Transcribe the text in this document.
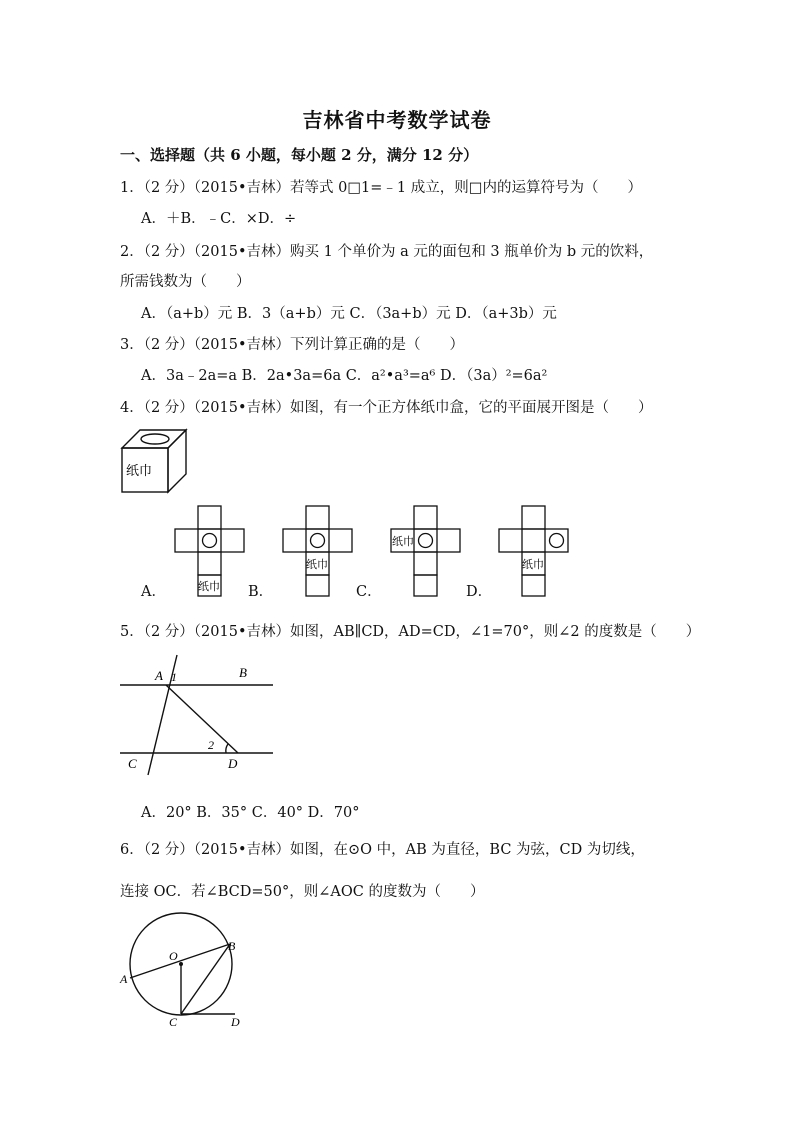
吉林省中考数学试卷
一、选择题（共 6 小题，每小题 2 分，满分 12 分）
1．（2 分）（2015•吉林）若等式 0□1=﹣1 成立，则□内的运算符号为（　　）
A．＋B．﹣C．×D．÷
2．（2 分）（2015•吉林）购买 1 个单价为 a 元的面包和 3 瓶单价为 b 元的饮料，
所需钱数为（　　）
A．（a+b）元 B．3（a+b）元 C．（3a+b）元 D．（a+3b）元
3．（2 分）（2015•吉林）下列计算正确的是（　　）
A．3a﹣2a=a B．2a•3a=6a C．a²•a³=a⁶ D．（3a）²=6a²
4．（2 分）（2015•吉林）如图，有一个正方体纸巾盒，它的平面展开图是（　　）
纸巾
纸巾
纸巾
纸巾
纸巾
A．	B．	C．	D．
5．（2 分）（2015•吉林）如图，AB∥CD，AD=CD，∠1=70°，则∠2 的度数是（　　）
A 1	B
2
C	D
A．20° B．35° C．40° D．70°
6．（2 分）（2015•吉林）如图，在⊙O 中，AB 为直径，BC 为弦，CD 为切线，
连接 OC．若∠BCD=50°，则∠AOC 的度数为（　　）
O
A
B
C	D
